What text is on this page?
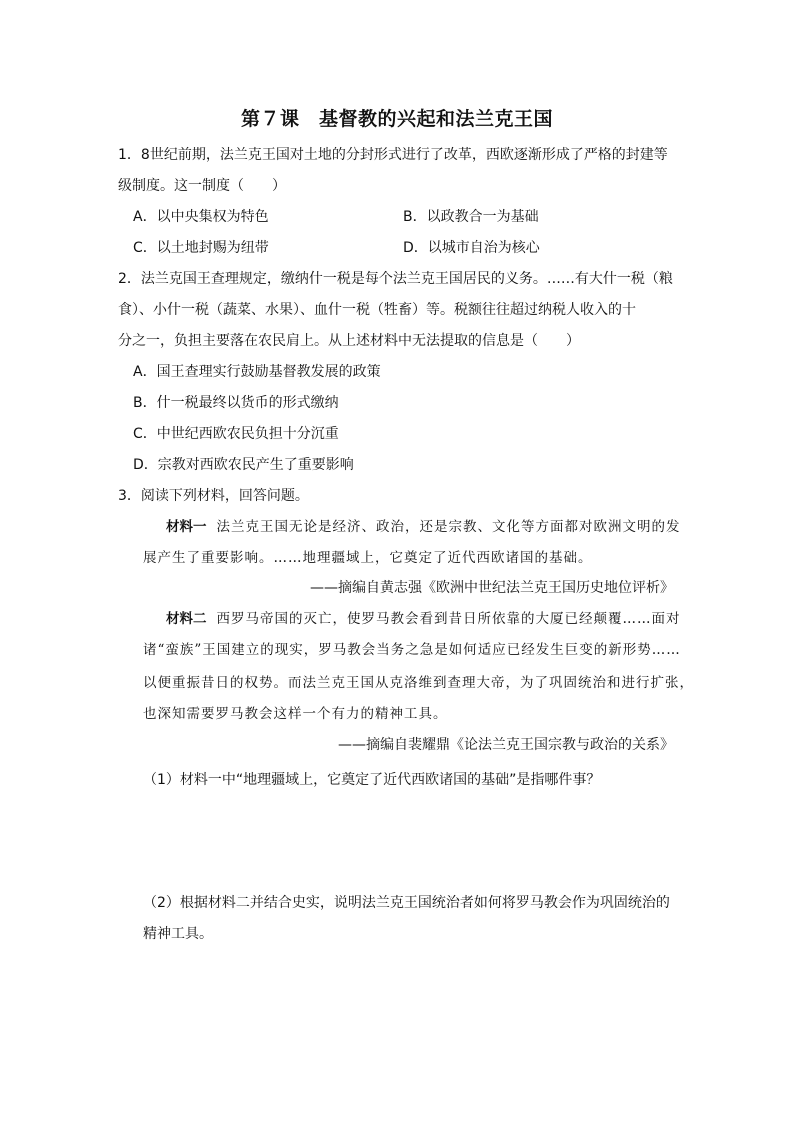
第７课　基督教的兴起和法兰克王国
1．8世纪前期，法兰克王国对土地的分封形式进行了改革，西欧逐渐形成了严格的封建等
级制度。这一制度（　　）
A．以中央集权为特色	B．以政教合一为基础
C．以土地封赐为纽带	D．以城市自治为核心
2．法兰克国王查理规定，缴纳什一税是每个法兰克王国居民的义务。……有大什一税（粮
食）、小什一税（蔬菜、水果）、血什一税（牲畜）等。税额往往超过纳税人收入的十
分之一，负担主要落在农民肩上。从上述材料中无法提取的信息是（　　）
A．国王查理实行鼓励基督教发展的政策
B．什一税最终以货币的形式缴纳
C．中世纪西欧农民负担十分沉重
D．宗教对西欧农民产生了重要影响
3．阅读下列材料，回答问题。
材料一 法兰克王国无论是经济、政治，还是宗教、文化等方面都对欧洲文明的发
展产生了重要影响。……地理疆域上，它奠定了近代西欧诸国的基础。
——摘编自黄志强《欧洲中世纪法兰克王国历史地位评析》
材料二 西罗马帝国的灭亡，使罗马教会看到昔日所依靠的大厦已经颠覆……面对
诸“蛮族”王国建立的现实，罗马教会当务之急是如何适应已经发生巨变的新形势……
以便重振昔日的权势。而法兰克王国从克洛维到查理大帝，为了巩固统治和进行扩张，
也深知需要罗马教会这样一个有力的精神工具。
——摘编自裴耀鼎《论法兰克王国宗教与政治的关系》
（1）材料一中“地理疆域上，它奠定了近代西欧诸国的基础”是指哪件事？
（2）根据材料二并结合史实，说明法兰克王国统治者如何将罗马教会作为巩固统治的
精神工具。
